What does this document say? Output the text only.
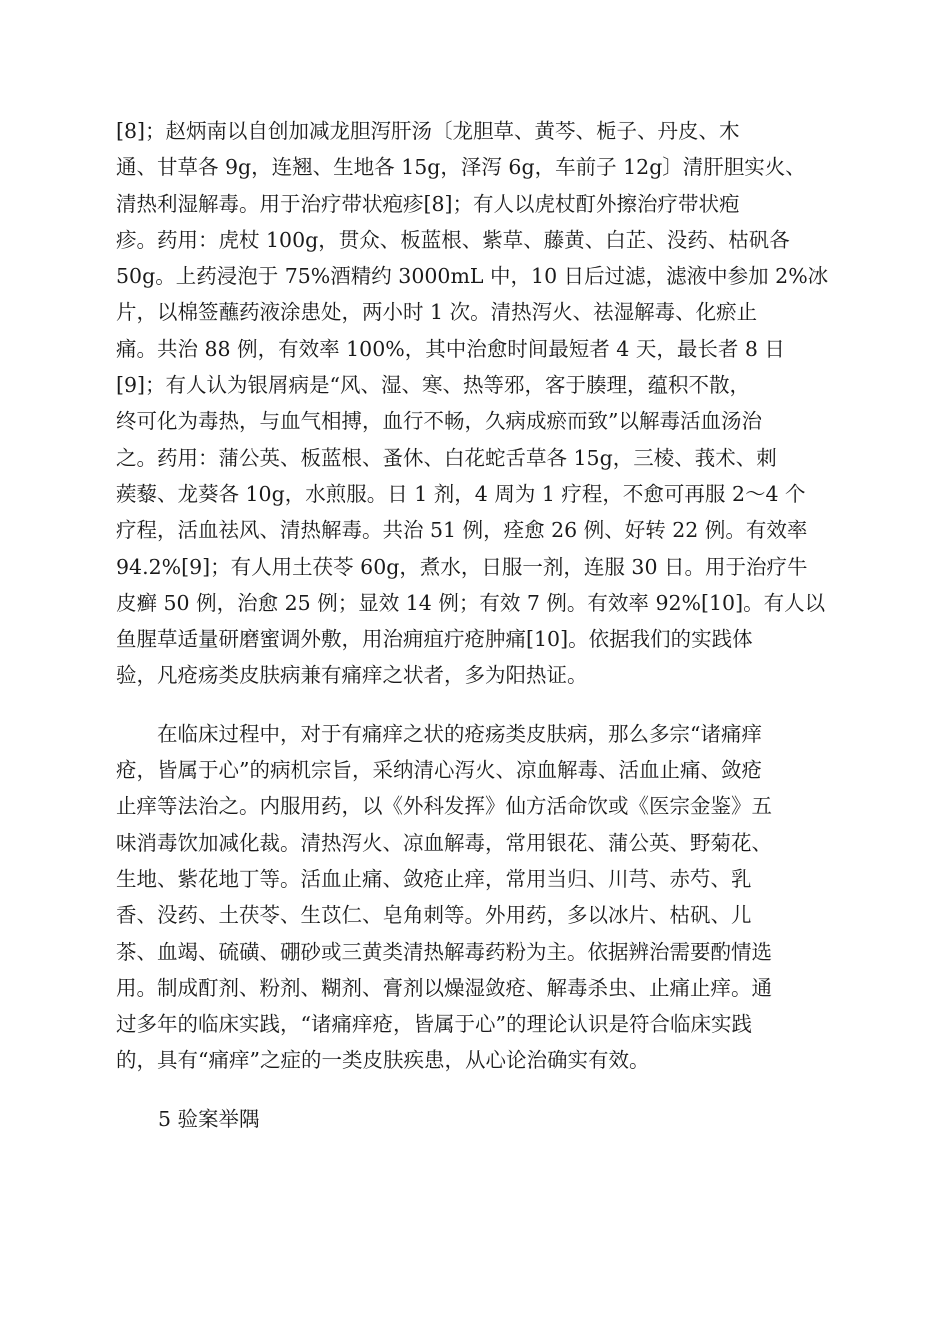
[8]；赵炳南以自创加减龙胆泻肝汤〔龙胆草、黄芩、栀子、丹皮、木
通、甘草各 9g，连翘、生地各 15g，泽泻 6g，车前子 12g〕清肝胆实火、
清热利湿解毒。用于治疗带状疱疹[8]；有人以虎杖酊外擦治疗带状疱
疹。药用：虎杖 100g，贯众、板蓝根、紫草、藤黄、白芷、没药、枯矾各
50g。上药浸泡于 75%酒精约 3000mL 中，10 日后过滤，滤液中参加 2%冰
片，以棉签蘸药液涂患处，两小时 1 次。清热泻火、祛湿解毒、化瘀止
痛。共治 88 例，有效率 100%，其中治愈时间最短者 4 天，最长者 8 日
[9]；有人认为银屑病是“风、湿、寒、热等邪，客于腠理，蕴积不散，
终可化为毒热，与血气相搏，血行不畅，久病成瘀而致”以解毒活血汤治
之。药用：蒲公英、板蓝根、蚤休、白花蛇舌草各 15g，三棱、莪术、刺
蒺藜、龙葵各 10g，水煎服。日 1 剂，4 周为 1 疗程，不愈可再服 2～4 个
疗程，活血祛风、清热解毒。共治 51 例，痊愈 26 例、好转 22 例。有效率
94.2%[9]；有人用土茯苓 60g，煮水，日服一剂，连服 30 日。用于治疗牛
皮癣 50 例，治愈 25 例；显效 14 例；有效 7 例。有效率 92%[10]。有人以
鱼腥草适量研磨蜜调外敷，用治痈疽疔疮肿痛[10]。依据我们的实践体
验，凡疮疡类皮肤病兼有痛痒之状者，多为阳热证。

在临床过程中，对于有痛痒之状的疮疡类皮肤病，那么多宗“诸痛痒
疮，皆属于心”的病机宗旨，采纳清心泻火、凉血解毒、活血止痛、敛疮
止痒等法治之。内服用药，以《外科发挥》仙方活命饮或《医宗金鉴》五
味消毒饮加减化裁。清热泻火、凉血解毒，常用银花、蒲公英、野菊花、
生地、紫花地丁等。活血止痛、敛疮止痒，常用当归、川芎、赤芍、乳
香、没药、土茯苓、生苡仁、皂角刺等。外用药，多以冰片、枯矾、儿
茶、血竭、硫磺、硼砂或三黄类清热解毒药粉为主。依据辨治需要酌情选
用。制成酊剂、粉剂、糊剂、膏剂以燥湿敛疮、解毒杀虫、止痛止痒。通
过多年的临床实践，“诸痛痒疮，皆属于心”的理论认识是符合临床实践
的，具有“痛痒”之症的一类皮肤疾患，从心论治确实有效。

5 验案举隅
